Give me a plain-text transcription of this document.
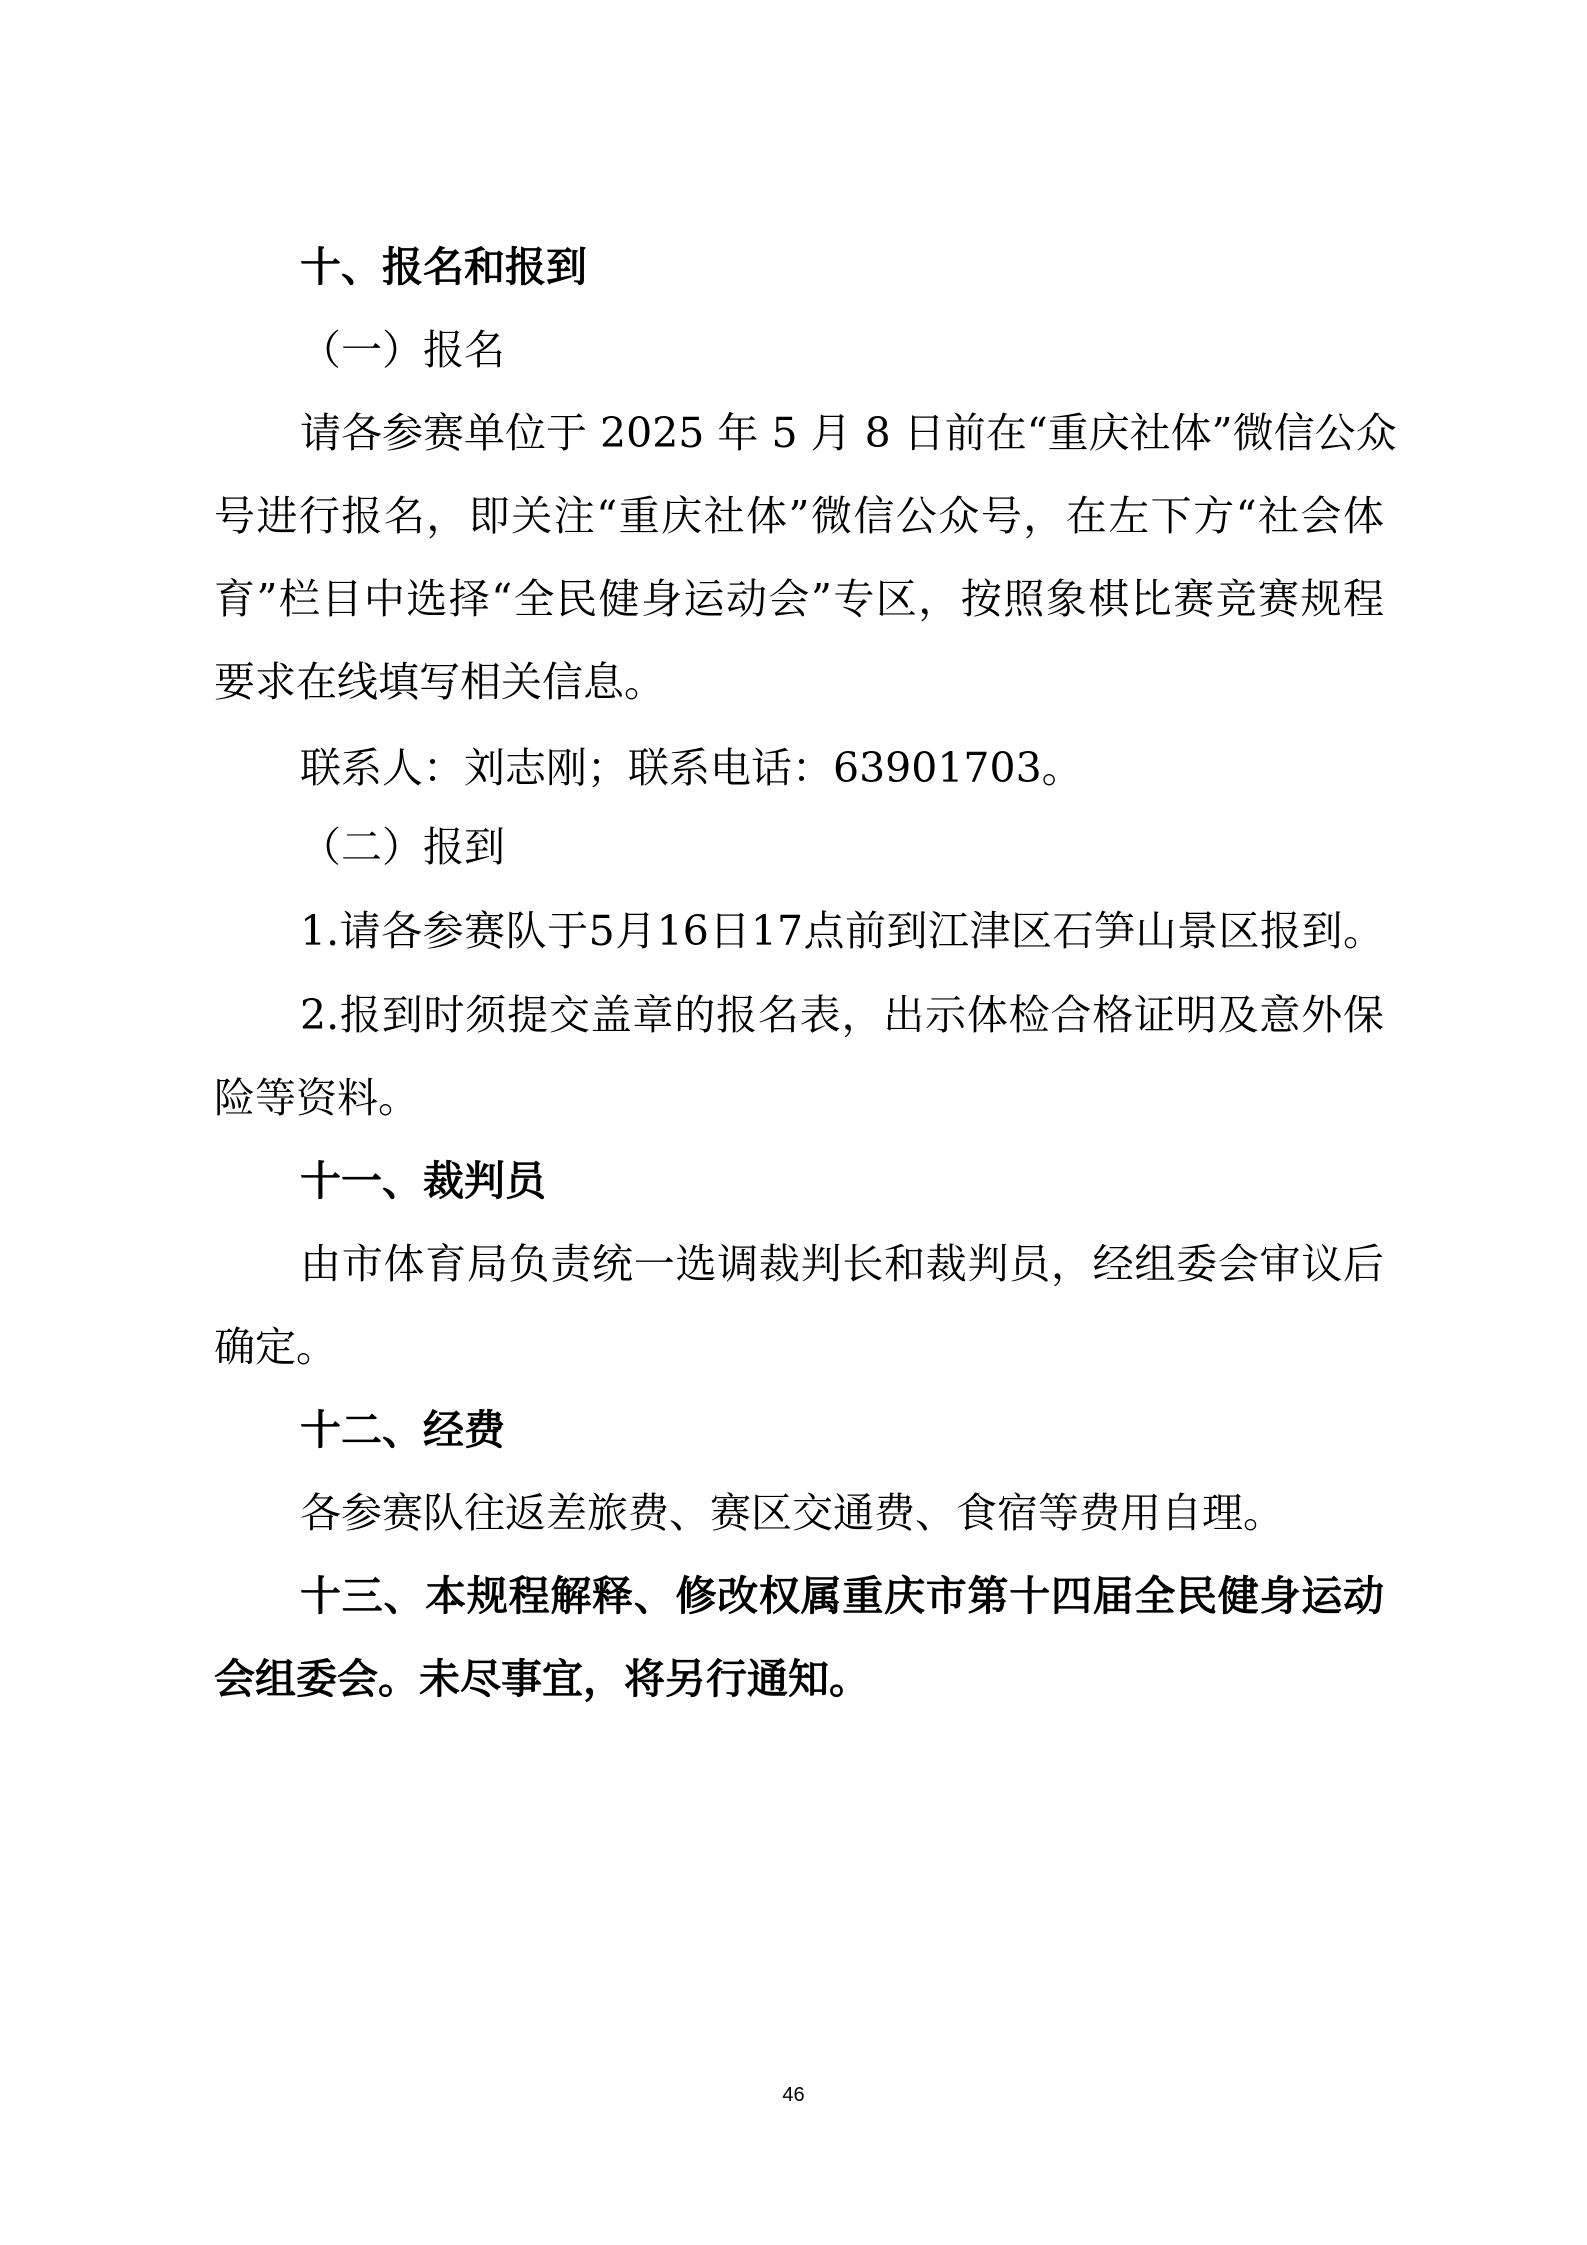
十、报名和报到
（一）报名
请各参赛单位于 2025 年 5 月 8 日前在“重庆社体”微信公众
号进行报名，即关注“重庆社体”微信公众号，在左下方“社会体
育”栏目中选择“全民健身运动会”专区，按照象棋比赛竞赛规程
要求在线填写相关信息。
联系人：刘志刚；联系电话：63901703。
（二）报到
1.请各参赛队于5月16日17点前到江津区石笋山景区报到。
2.报到时须提交盖章的报名表，出示体检合格证明及意外保
险等资料。
十一、裁判员
由市体育局负责统一选调裁判长和裁判员，经组委会审议后
确定。
十二、经费
各参赛队往返差旅费、赛区交通费、食宿等费用自理。
十三、本规程解释、修改权属重庆市第十四届全民健身运动
会组委会。未尽事宜，将另行通知。
46
